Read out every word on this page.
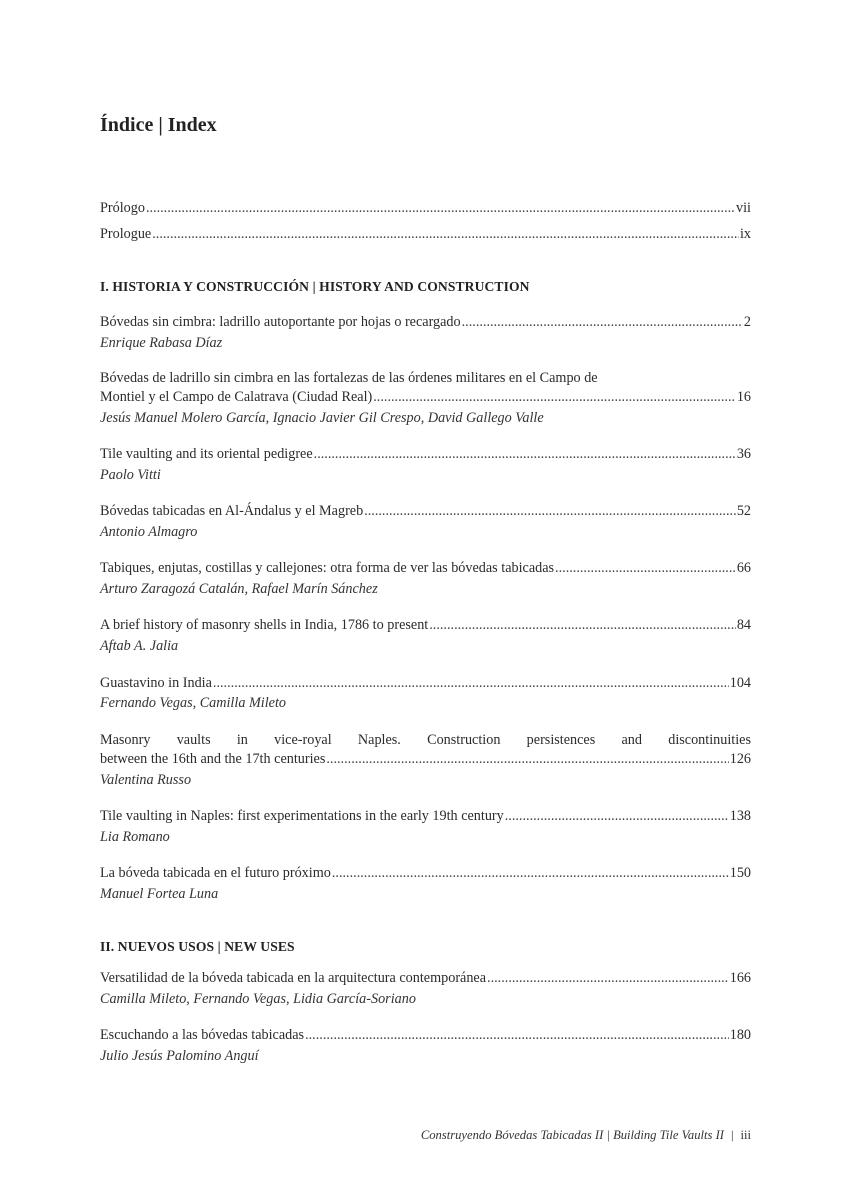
Índice | Index
Prólogo .....	vii
Prologue .....	ix
I. HISTORIA Y CONSTRUCCIÓN | HISTORY AND CONSTRUCTION
Bóvedas sin cimbra: ladrillo autoportante por hojas o recargado .....	2
Enrique Rabasa Díaz
Bóvedas de ladrillo sin cimbra en las fortalezas de las órdenes militares en el Campo de
Montiel y el Campo de Calatrava (Ciudad Real) .....	16
Jesús Manuel Molero García, Ignacio Javier Gil Crespo, David Gallego Valle
Tile vaulting and its oriental pedigree .....	36
Paolo Vitti
Bóvedas tabicadas en Al-Ándalus y el Magreb .....	52
Antonio Almagro
Tabiques, enjutas, costillas y callejones: otra forma de ver las bóvedas tabicadas .....	66
Arturo Zaragozá Catalán, Rafael Marín Sánchez
A brief history of masonry shells in India, 1786 to present .....	84
Aftab A. Jalia
Guastavino in India .....	104
Fernando Vegas, Camilla Mileto
Masonry vaults in vice-royal Naples. Construction persistences and discontinuities
between the 16th and the 17th centuries .....	126
Valentina Russo
Tile vaulting in Naples: first experimentations in the early 19th century .....	138
Lia Romano
La bóveda tabicada en el futuro próximo .....	150
Manuel Fortea Luna
II. NUEVOS USOS | NEW USES
Versatilidad de la bóveda tabicada en la arquitectura contemporánea .....	166
Camilla Mileto, Fernando Vegas, Lidia García-Soriano
Escuchando a las bóvedas tabicadas .....	180
Julio Jesús Palomino Anguí
Construyendo Bóvedas Tabicadas II | Building Tile Vaults II | iii
